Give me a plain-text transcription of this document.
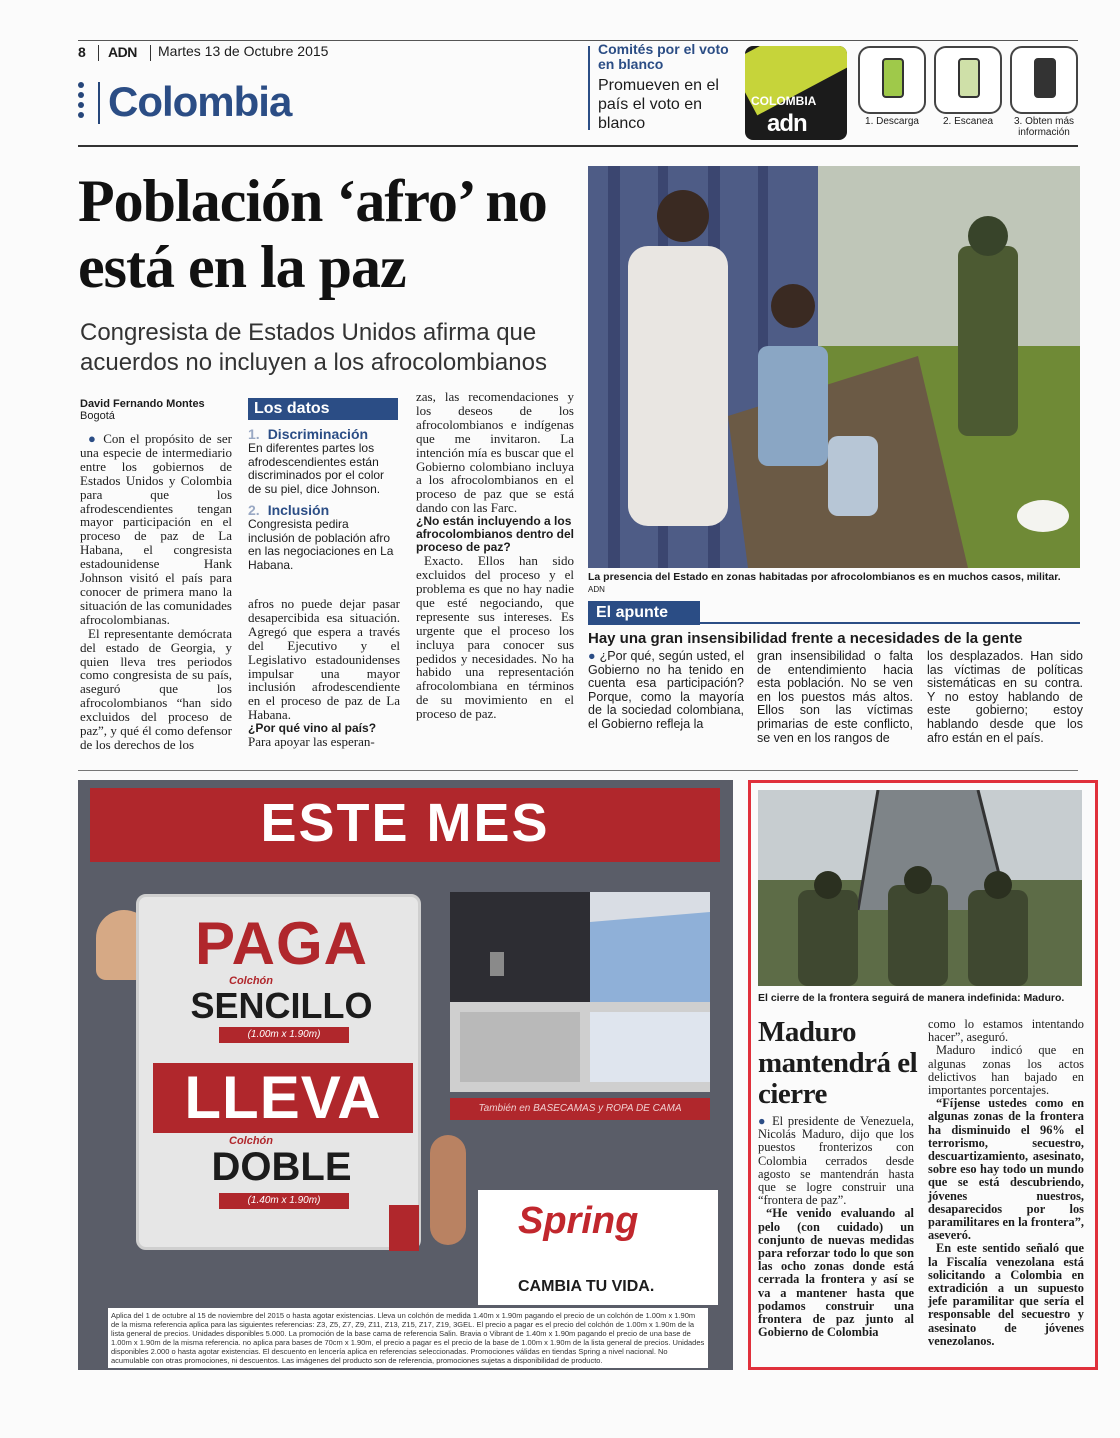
8 ADN Martes 13 de Octubre 2015
Colombia
Comités por el voto en blanco
Promueven en el país el voto en blanco
COLOMBIA
adn	1. Descarga	2. Escanea	3. Obten más información
Población ‘afro’ no está en la paz
Congresista de Estados Unidos afirma que acuerdos no incluyen a los afrocolombianos
David Fernando Montes
Bogotá

● Con el propósito de ser una especie de intermediario entre los gobiernos de Estados Unidos y Colombia para que los afrodescendientes tengan mayor participación en el proceso de paz de La Habana, el congresista estadounidense Hank Johnson visitó el país para conocer de primera mano la situación de las comunidades afrocolombianas.

El representante demócrata del estado de Georgia, y quien lleva tres periodos como congresista de su país, aseguró que los afrocolombianos “han sido excluidos del proceso de paz”, y qué él como defensor de los derechos de los

Los datos
1. Discriminación
En diferentes partes los afrodescendientes están discriminados por el color de su piel, dice Johnson.
2. Inclusión
Congresista pedira inclusión de población afro en las negociaciones en La Habana.

afros no puede dejar pasar desapercibida esa situación. Agregó que espera a través del Ejecutivo y el Legislativo estadounidenses impulsar una mayor inclusión afrodescendiente en el proceso de paz de La Habana.

¿Por qué vino al país?

Para apoyar las esperan-

zas, las recomendaciones y los deseos de los afrocolombianos e indígenas que me invitaron. La intención mía es buscar que el Gobierno colombiano incluya a los afrocolombianos en el proceso de paz que se está dando con las Farc.

¿No están incluyendo a los afrocolombianos dentro del proceso de paz?

Exacto. Ellos han sido excluidos del proceso y el problema es que no hay nadie que esté negociando, que represente sus intereses. Es urgente que el proceso los incluya para conocer sus pedidos y necesidades. No ha habido una representación afrocolombiana en términos de su movimiento en el proceso de paz.

La presencia del Estado en zonas habitadas por afrocolombianos es en muchos casos, militar. ADN
El apunte
Hay una gran insensibilidad frente a necesidades de la gente
● ¿Por qué, según usted, el Gobierno no ha tenido en cuenta esa participación? Porque, como la mayoría de la sociedad colombiana, el Gobierno refleja la
gran insensibilidad o falta de entendimiento hacia esta población. No se ven en los puestos más altos. Ellos son las víctimas primarias de este conflicto, se ven en los rangos de
los desplazados. Han sido las víctimas de políticas sistemáticas en su contra. Y no estoy hablando de este gobierno; estoy hablando desde que los afro están en el país.
ESTE MES
PAGA
Colchón
SENCILLO
(1.00m x 1.90m)
LLEVA
Colchón
DOBLE
(1.40m x 1.90m)
También en BASECAMAS y ROPA DE CAMA
Spring
CAMBIA TU VIDA.
Aplica del 1 de octubre al 15 de noviembre del 2015 o hasta agotar existencias. Lleva un colchón de medida 1.40m x 1.90m pagando el precio de un colchón de 1.00m x 1.90m de la misma referencia aplica para las siguientes referencias: Z3, Z5, Z7, Z9, Z11, Z13, Z15, Z17, Z19, 3GEL. El precio a pagar es el precio del colchón de 1.00m x 1.90m de la lista general de precios. Unidades disponibles 5.000. La promoción de la base cama de referencia Salin. Bravia o Vibrant de 1.40m x 1.90m pagando el precio de una base de 1.00m x 1.90m de la misma referencia. no aplica para bases de 70cm x 1.90m, el precio a pagar es el precio de la base de 1.00m x 1.90m de la lista general de precios. Unidades disponibles 2.000 o hasta agotar existencias. El descuento en lencería aplica en referencias seleccionadas. Promociones válidas en tiendas Spring a nivel nacional. No acumulable con otras promociones, ni descuentos. Las imágenes del producto son de referencia, promociones sujetas a disponibilidad de producto.
El cierre de la frontera seguirá de manera indefinida: Maduro.
Maduro mantendrá el cierre

● El presidente de Venezuela, Nicolás Maduro, dijo que los puestos fronterizos con Colombia cerrados desde agosto se mantendrán hasta que se logre construir una “frontera de paz”.

“He venido evaluando al pelo (con cuidado) un conjunto de nuevas medidas para reforzar todo lo que son las ocho zonas donde está cerrada la frontera y así se va a mantener hasta que podamos construir una frontera de paz junto al Gobierno de Colombia

como lo estamos intentando hacer”, aseguró.

Maduro indicó que en algunas zonas los actos delictivos han bajado en importantes porcentajes.

“Fíjense ustedes como en algunas zonas de la frontera ha disminuido el 96% el terrorismo, secuestro, descuartizamiento, asesinato, sobre eso hay todo un mundo que se está descubriendo, jóvenes nuestros, desaparecidos por los paramilitares en la frontera”, aseveró.

En este sentido señaló que la Fiscalía venezolana está solicitando a Colombia en extradición a un supuesto jefe paramilitar que sería el responsable del secuestro y asesinato de jóvenes venezolanos.
